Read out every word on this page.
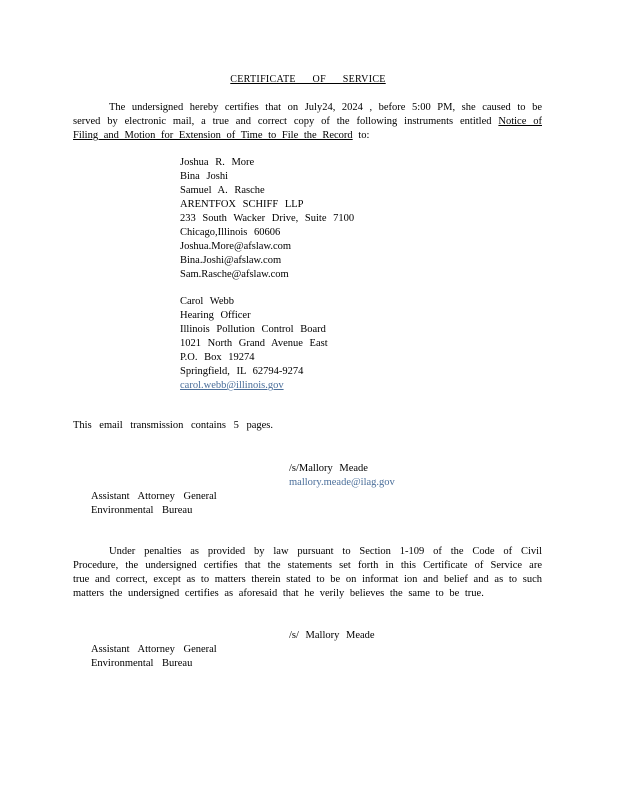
CERTIFICATE OF SERVICE
The undersigned hereby certifies that on July24, 2024 , before 5:00 PM, she caused to be served by electronic mail, a true and correct copy of the following instruments entitled Notice of Filing and Motion for Extension of Time to File the Record to:
Joshua R. More
Bina Joshi
Samuel A. Rasche
ARENTFOX SCHIFF LLP
233 South Wacker Drive, Suite 7100
Chicago,Illinois 60606
Joshua.More@afslaw.com
Bina.Joshi@afslaw.com
Sam.Rasche@afslaw.com
Carol Webb
Hearing Officer
Illinois Pollution Control Board
1021 North Grand Avenue East
P.O. Box 19274
Springfield, IL 62794-9274
carol.webb@illinois.gov
This email transmission contains 5 pages.
/s/Mallory Meade
mallory.meade@ilag.gov
Assistant Attorney General
Environmental Bureau
Under penalties as provided by law pursuant to Section 1-109 of the Code of Civil Procedure, the undersigned certifies that the statements set forth in this Certificate of Service are true and correct, except as to matters therein stated to be on informat ion and belief and as to such matters the undersigned certifies as aforesaid that he verily believes the same to be true.
/s/ Mallory Meade
Assistant Attorney General
Environmental Bureau
